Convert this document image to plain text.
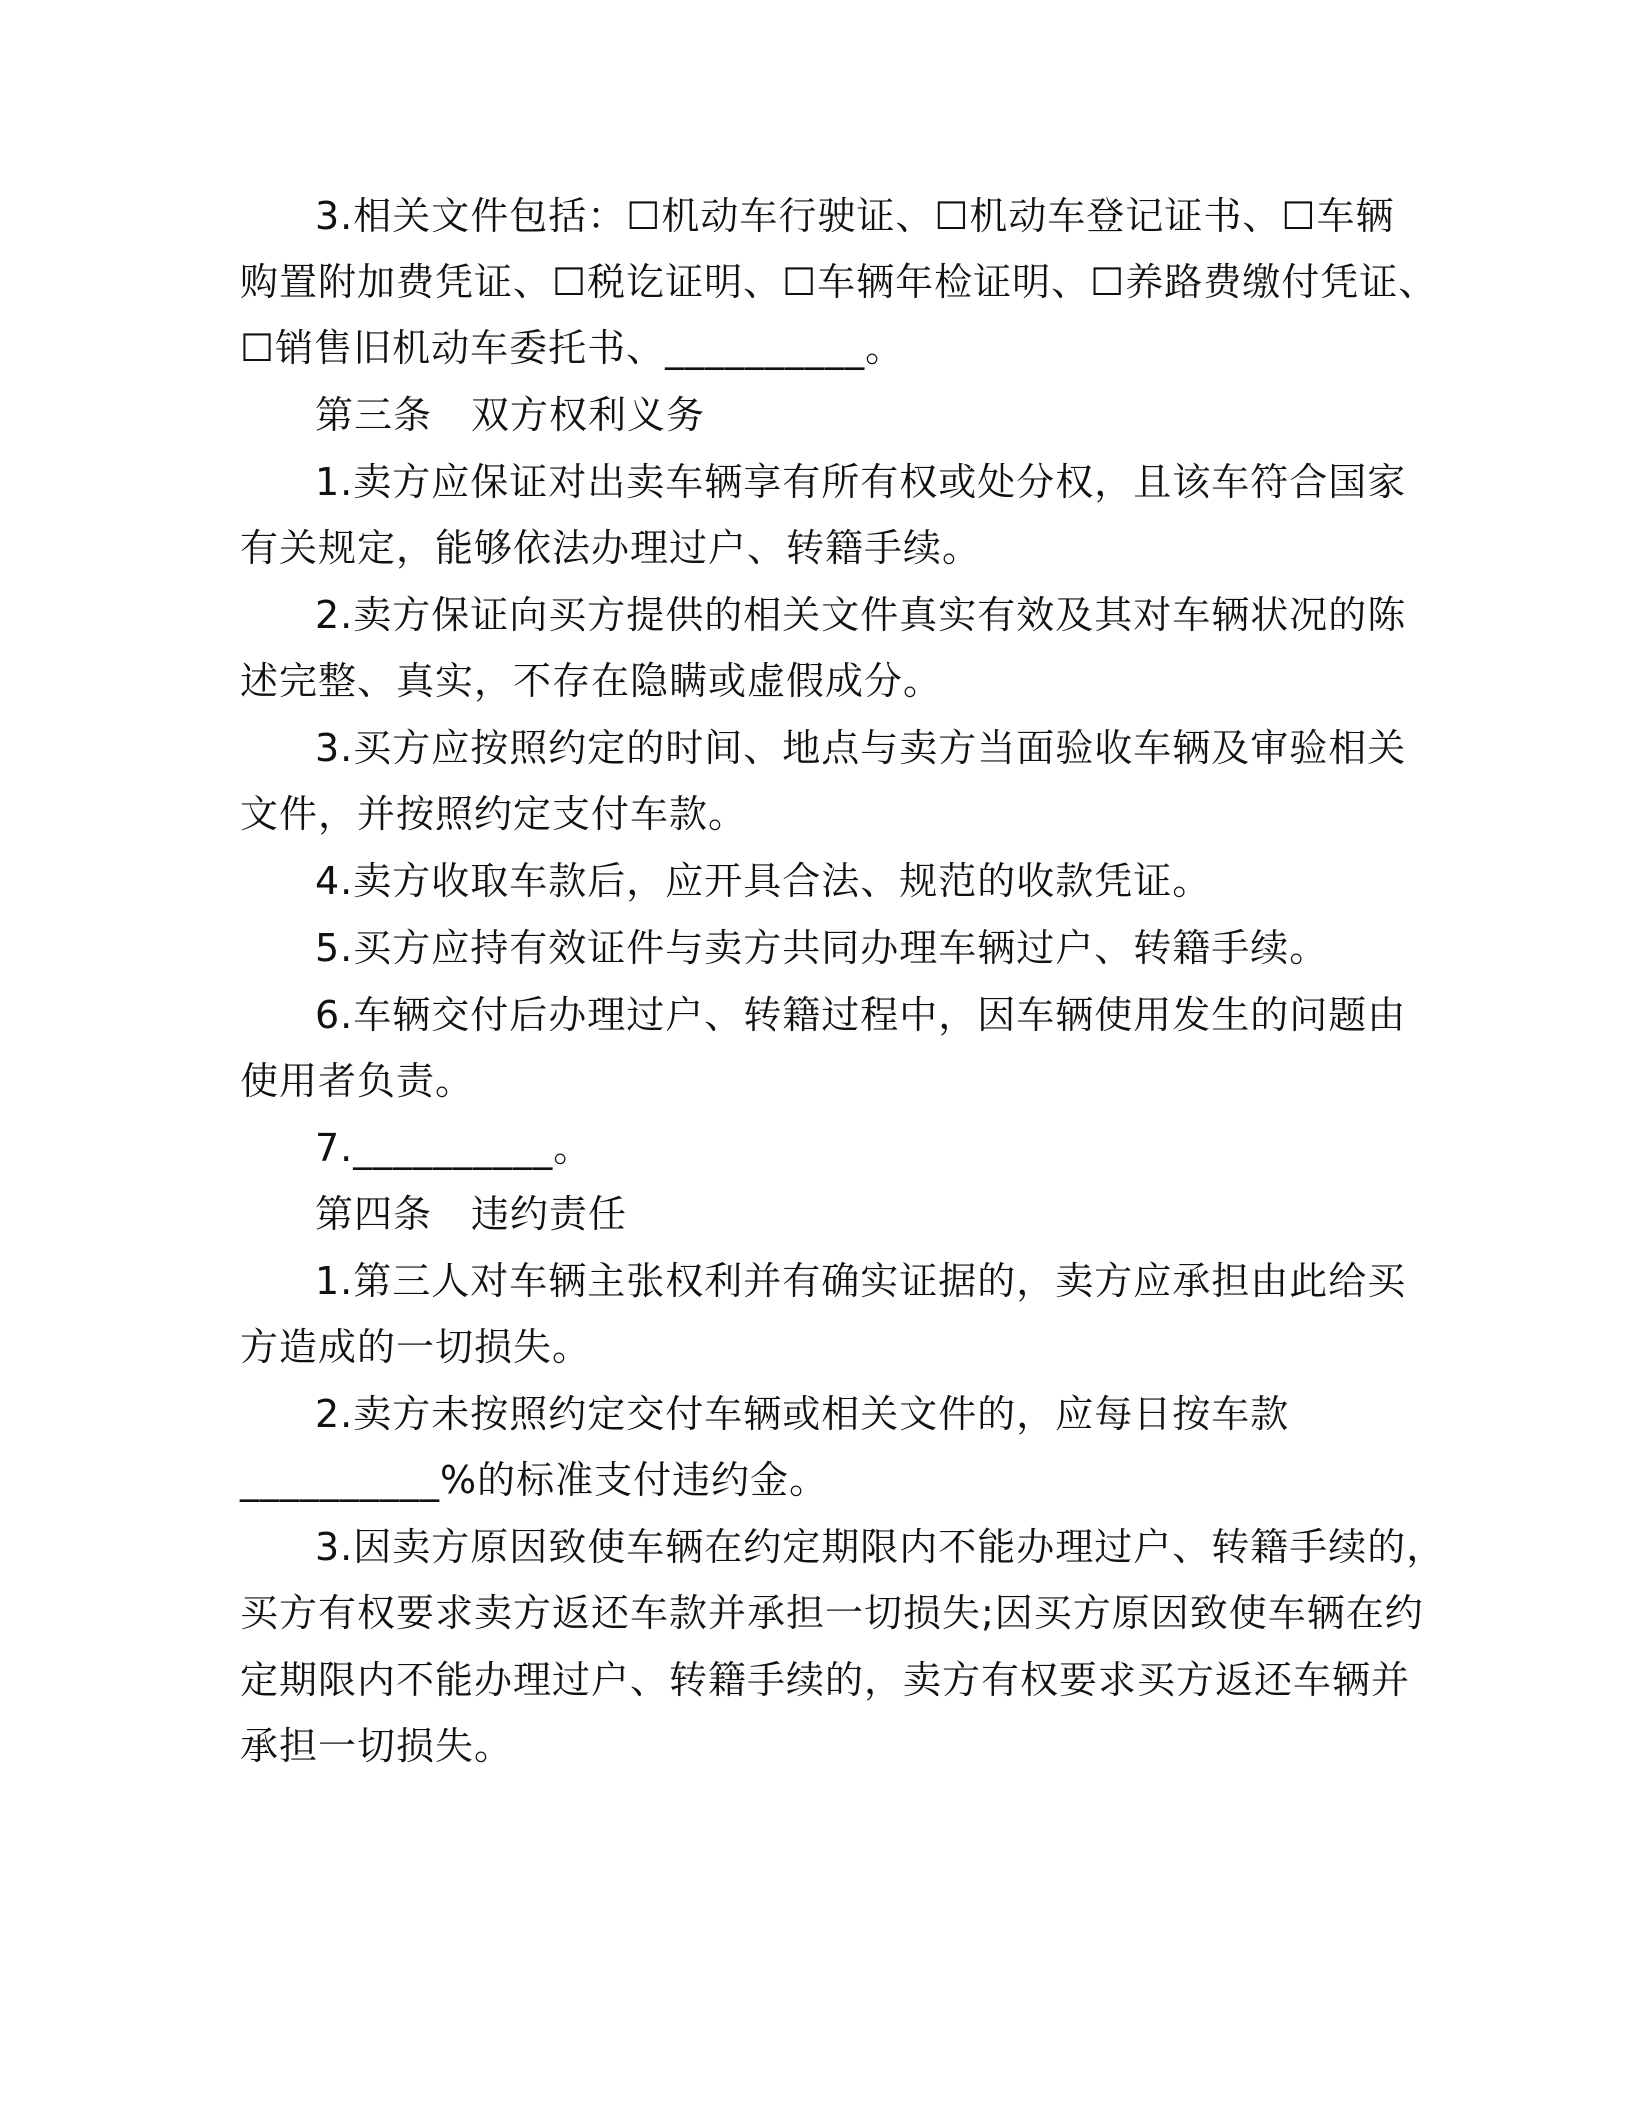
3.相关文件包括：☐机动车行驶证、☐机动车登记证书、☐车辆
购置附加费凭证、☐税讫证明、☐车辆年检证明、☐养路费缴付凭证、
☐销售旧机动车委托书、__________。
第三条　双方权利义务
1.卖方应保证对出卖车辆享有所有权或处分权，且该车符合国家
有关规定，能够依法办理过户、转籍手续。
2.卖方保证向买方提供的相关文件真实有效及其对车辆状况的陈
述完整、真实，不存在隐瞒或虚假成分。
3.买方应按照约定的时间、地点与卖方当面验收车辆及审验相关
文件，并按照约定支付车款。
4.卖方收取车款后，应开具合法、规范的收款凭证。
5.买方应持有效证件与卖方共同办理车辆过户、转籍手续。
6.车辆交付后办理过户、转籍过程中，因车辆使用发生的问题由
使用者负责。
7.__________。
第四条　违约责任
1.第三人对车辆主张权利并有确实证据的，卖方应承担由此给买
方造成的一切损失。
2.卖方未按照约定交付车辆或相关文件的，应每日按车款
__________%的标准支付违约金。
3.因卖方原因致使车辆在约定期限内不能办理过户、转籍手续的，
买方有权要求卖方返还车款并承担一切损失;因买方原因致使车辆在约
定期限内不能办理过户、转籍手续的，卖方有权要求买方返还车辆并
承担一切损失。
